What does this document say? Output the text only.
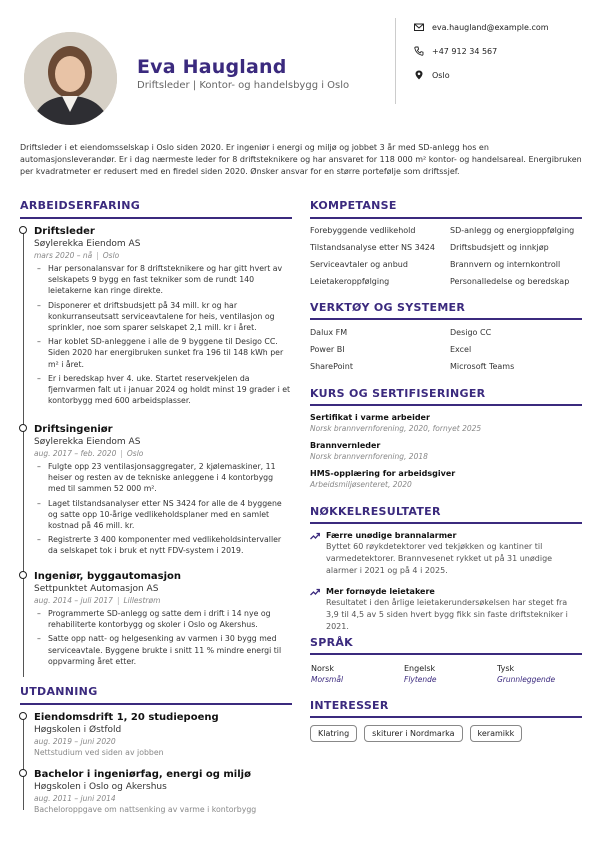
Eva Haugland
Driftsleder | Kontor- og handelsbygg i Oslo
eva.haugland@example.com
+47 912 34 567
Oslo
Driftsleder i et eiendomsselskap i Oslo siden 2020. Er ingeniør i energi og miljø og jobbet 3 år med SD-anlegg hos en automasjonsleverandør. Er i dag nærmeste leder for 8 driftsteknikere og har ansvaret for 118 000 m² kontor- og handelsareal. Energibruken per kvadratmeter er redusert med en firedel siden 2020. Ønsker ansvar for en større portefølje som driftssjef.
ARBEIDSERFARING
Driftsleder
Søylerekka Eiendom AS
mars 2020 – nå | Oslo
– Har personalansvar for 8 driftsteknikere og har gitt hvert av selskapets 9 bygg en fast tekniker som de rundt 140 leietakerne kan ringe direkte.
– Disponerer et driftsbudsjett på 34 mill. kr og har konkurranseutsatt serviceavtalene for heis, ventilasjon og sprinkler, noe som sparer selskapet 2,1 mill. kr i året.
– Har koblet SD-anleggene i alle de 9 byggene til Desigo CC. Siden 2020 har energibruken sunket fra 196 til 148 kWh per m² i året.
– Er i beredskap hver 4. uke. Startet reservekjelen da fjernvarmen falt ut i januar 2024 og holdt minst 19 grader i et kontorbygg med 600 arbeidsplasser.
Driftsingeniør
Søylerekka Eiendom AS
aug. 2017 – feb. 2020 | Oslo
– Fulgte opp 23 ventilasjonsaggregater, 2 kjølemaskiner, 11 heiser og resten av de tekniske anleggene i 4 kontorbygg med til sammen 52 000 m².
– Laget tilstandsanalyser etter NS 3424 for alle de 4 byggene og satte opp 10-årige vedlikeholdsplaner med en samlet kostnad på 46 mill. kr.
– Registrerte 3 400 komponenter med vedlikeholdsintervaller da selskapet tok i bruk et nytt FDV-system i 2019.
Ingeniør, byggautomasjon
Settpunktet Automasjon AS
aug. 2014 – juli 2017 | Lillestrøm
– Programmerte SD-anlegg og satte dem i drift i 14 nye og rehabiliterte kontorbygg og skoler i Oslo og Akershus.
– Satte opp natt- og helgesenking av varmen i 30 bygg med serviceavtale. Byggene brukte i snitt 11 % mindre energi til oppvarming året etter.
UTDANNING
Eiendomsdrift 1, 20 studiepoeng
Høgskolen i Østfold
aug. 2019 – juni 2020
Nettstudium ved siden av jobben
Bachelor i ingeniørfag, energi og miljø
Høgskolen i Oslo og Akershus
aug. 2011 – juni 2014
Bacheloroppgave om nattsenking av varme i kontorbygg
KOMPETANSE
Forebyggende vedlikehold
Tilstandsanalyse etter NS 3424
Serviceavtaler og anbud
Leietakeroppfølging
SD-anlegg og energioppfølging
Driftsbudsjett og innkjøp
Brannvern og internkontroll
Personalledelse og beredskap
VERKTØY OG SYSTEMER
Dalux FM
Power BI
SharePoint
Desigo CC
Excel
Microsoft Teams
KURS OG SERTIFISERINGER
Sertifikat i varme arbeider
Norsk brannvernforening, 2020, fornyet 2025
Brannvernleder
Norsk brannvernforening, 2018
HMS-opplæring for arbeidsgiver
Arbeidsmiljøsenteret, 2020
NØKKELRESULTATER
Færre unødige brannalarmer
Byttet 60 røykdetektorer ved tekjøkken og kantiner til varmedetektorer. Brannvesenet rykket ut på 31 unødige alarmer i 2021 og på 4 i 2025.
Mer fornøyde leietakere
Resultatet i den årlige leietakerundersøkelsen har steget fra 3,9 til 4,5 av 5 siden hvert bygg fikk sin faste driftstekniker i 2021.
SPRÅK
Norsk
Morsmål
Engelsk
Flytende
Tysk
Grunnleggende
INTERESSER
Klatring	skiturer i Nordmarka	keramikk
